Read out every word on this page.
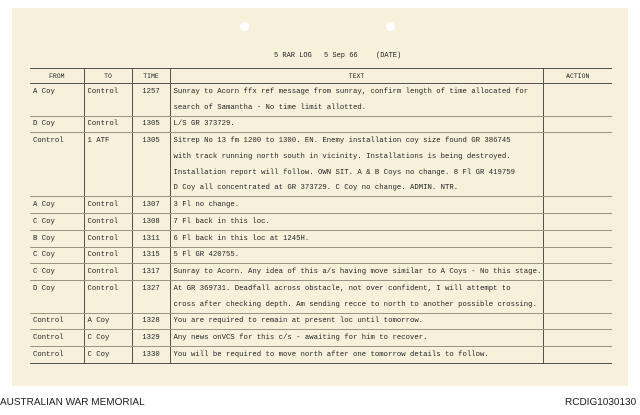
5 RAR LOG 5 Sep 66	(DATE)
FROM	TO	TIME	TEXT	ACTION
A Coy	Control	1257	Sunray to Acorn ffx ref message from sunray, confirm length of time allocated for	
			search of Samantha - No time limit allotted.	
D Coy	Control	1305	L/S GR 373729.	
Control	1 ATF	1305	Sitrep No 13 fm 1200 to 1300. EN. Enemy installation coy size found GR 386745	
			with track running north south in vicinity. Installations is being destroyed.	
			Installation report will follow. OWN SIT. A & B Coys no change. 8 Fl GR 419759	
			D Coy all concentrated at GR 373729. C Coy no change. ADMIN. NTR.	
A Coy	Control	1307	3 Fl no change.	
C Coy	Control	1308	7 Fl back in this loc.	
B Coy	Control	1311	6 Fl back in this loc at 1245H.	
C Coy	Control	1315	5 Fl GR 420755.	
C Coy	Control	1317	Sunray to Acorn. Any idea of this a/s having move similar to A Coys - No this stage.	
D Coy	Control	1327	At GR 369731. Deadfall across obstacle, not over confident, I will attempt to	
			cross after checking depth. Am sending recce to north to another possible crossing.	
Control	A Coy	1328	You are required to remain at present loc until tomorrow.	
Control	C Coy	1329	Any news onVCS for this c/s - awaiting for him to recover.	
Control	C Coy	1330	You will be required to move north after one tomorrow details to follow.	
AUSTRALIAN WAR MEMORIAL	RCDIG1030130
